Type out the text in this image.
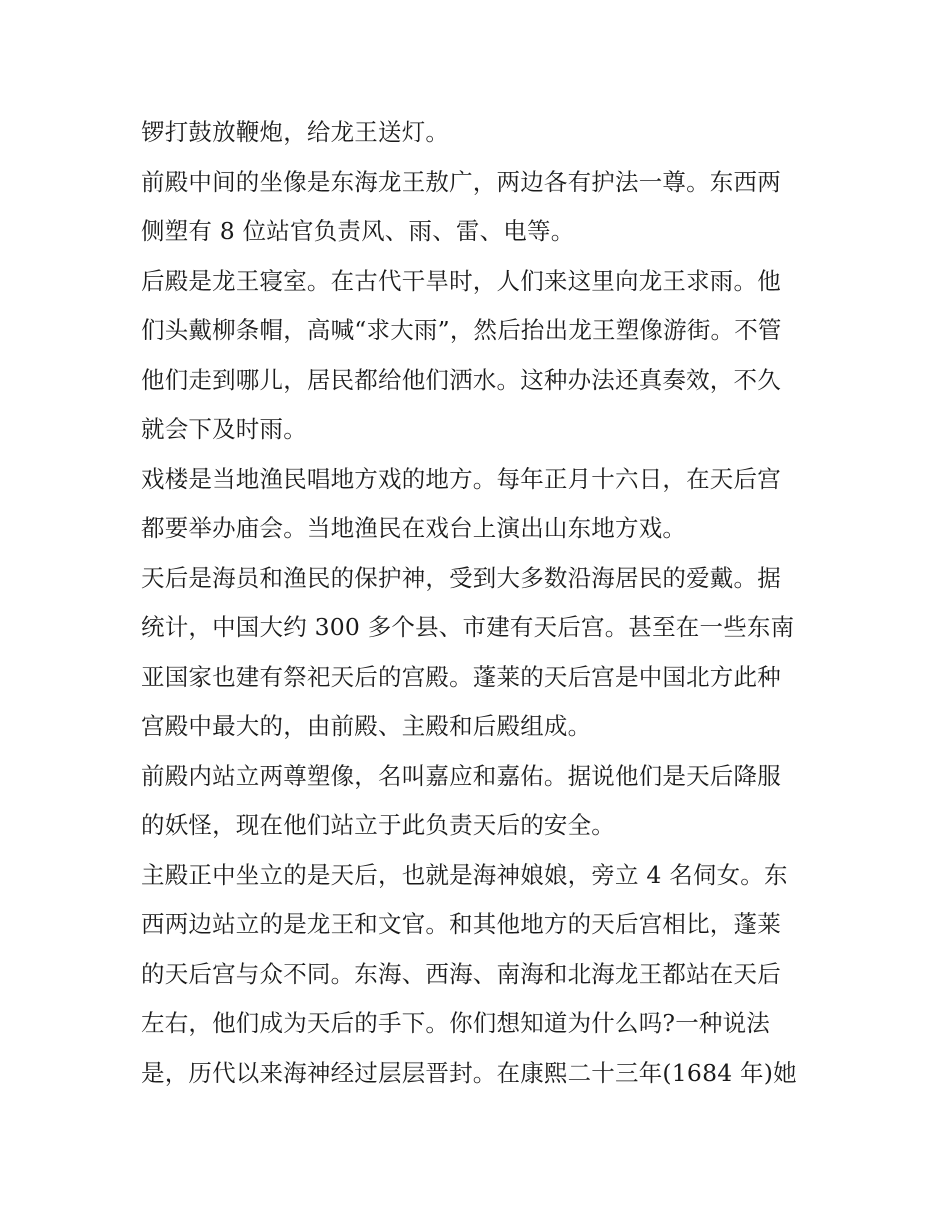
锣打鼓放鞭炮，给龙王送灯。
前殿中间的坐像是东海龙王敖广，两边各有护法一尊。东西两
侧塑有 8 位站官负责风、雨、雷、电等。
后殿是龙王寝室。在古代干旱时，人们来这里向龙王求雨。他
们头戴柳条帽，高喊“求大雨”，然后抬出龙王塑像游街。不管
他们走到哪儿，居民都给他们洒水。这种办法还真奏效，不久
就会下及时雨。
戏楼是当地渔民唱地方戏的地方。每年正月十六日，在天后宫
都要举办庙会。当地渔民在戏台上演出山东地方戏。
天后是海员和渔民的保护神，受到大多数沿海居民的爱戴。据
统计，中国大约 300 多个县、市建有天后宫。甚至在一些东南
亚国家也建有祭祀天后的宫殿。蓬莱的天后宫是中国北方此种
宫殿中最大的，由前殿、主殿和后殿组成。
前殿内站立两尊塑像，名叫嘉应和嘉佑。据说他们是天后降服
的妖怪，现在他们站立于此负责天后的安全。
主殿正中坐立的是天后，也就是海神娘娘，旁立 4 名伺女。东
西两边站立的是龙王和文官。和其他地方的天后宫相比，蓬莱
的天后宫与众不同。东海、西海、南海和北海龙王都站在天后
左右，他们成为天后的手下。你们想知道为什么吗?一种说法
是，历代以来海神经过层层晋封。在康熙二十三年(1684 年)她
